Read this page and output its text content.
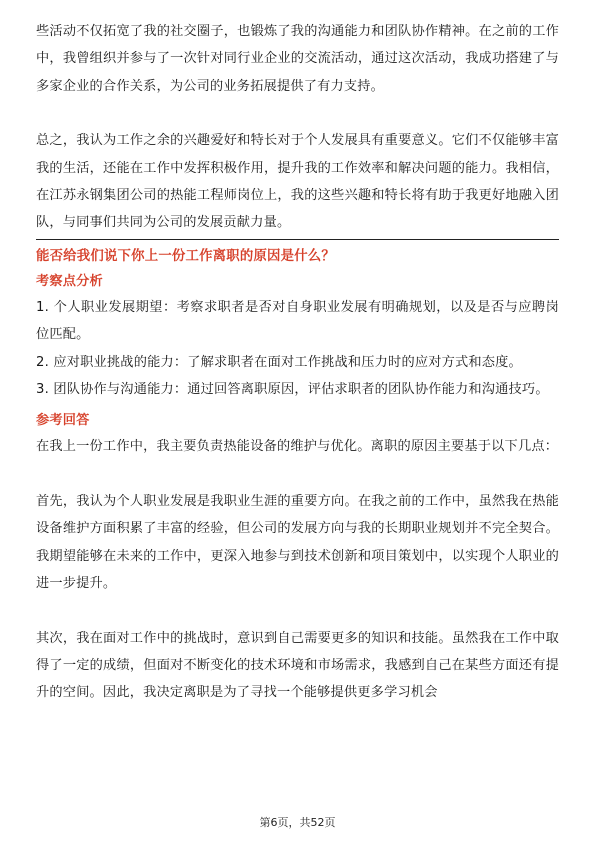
些活动不仅拓宽了我的社交圈子，也锻炼了我的沟通能力和团队协作精神。在之前的工作中，我曾组织并参与了一次针对同行业企业的交流活动，通过这次活动，我成功搭建了与多家企业的合作关系，为公司的业务拓展提供了有力支持。

总之，我认为工作之余的兴趣爱好和特长对于个人发展具有重要意义。它们不仅能够丰富我的生活，还能在工作中发挥积极作用，提升我的工作效率和解决问题的能力。我相信，在江苏永钢集团公司的热能工程师岗位上，我的这些兴趣和特长将有助于我更好地融入团队，与同事们共同为公司的发展贡献力量。

能否给我们说下你上一份工作离职的原因是什么？

考察点分析

1. 个人职业发展期望：考察求职者是否对自身职业发展有明确规划，以及是否与应聘岗位匹配。

2. 应对职业挑战的能力：了解求职者在面对工作挑战和压力时的应对方式和态度。

3. 团队协作与沟通能力：通过回答离职原因，评估求职者的团队协作能力和沟通技巧。

参考回答

在我上一份工作中，我主要负责热能设备的维护与优化。离职的原因主要基于以下几点：

首先，我认为个人职业发展是我职业生涯的重要方向。在我之前的工作中，虽然我在热能设备维护方面积累了丰富的经验，但公司的发展方向与我的长期职业规划并不完全契合。我期望能够在未来的工作中，更深入地参与到技术创新和项目策划中，以实现个人职业的进一步提升。

其次，我在面对工作中的挑战时，意识到自己需要更多的知识和技能。虽然我在工作中取得了一定的成绩，但面对不断变化的技术环境和市场需求，我感到自己在某些方面还有提升的空间。因此，我决定离职是为了寻找一个能够提供更多学习机会

第6页，共52页
